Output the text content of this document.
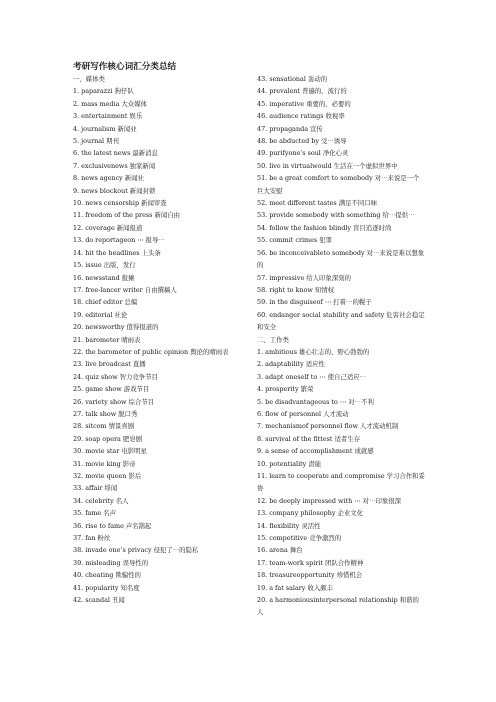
考研写作核心词汇分类总结
一、媒体类
1. paparazzi 狗仔队
2. mass media 大众媒体
3. entertainment 娱乐
4. journalism 新闻业
5. journal 期刊
6. the latest news 最新消息
7. exclusivenews 独家新闻
8. news agency 新闻社
9. news blockout 新闻封锁
10. news censorship 新闻审查
11. freedom of the press 新闻自由
12. coverage 新闻报道
13. do reportageon ⋯ 报导⋯
14. hit the headlines 上头条
15. issue 出版，发行
16. newsstand 报摊
17. free-lancer writer 自由撰稿人
18. chief editor 总编
19. editorial 社论
20. newsworthy 值得报道的
21. barometer 晴雨表
22. the barometer of public opinion 舆论的晴雨表
23. live broadcast 直播
24. quiz show 智力竞争节目
25. game show 游戏节目
26. variety show 综合节目
27. talk show 脱口秀
28. sitcom 情景喜剧
29. soap opera 肥皂剧
30. movie star 电影明星
31. movie king 影帝
32. movie queen 影后
33. affair 绯闻
34. celebrity 名人
35. fame 名声
36. rise to fame 声名鹊起
37. fan 粉丝
38. invade one’s privacy 侵犯了⋯的隐私
39. misleading 误导性的
40. cheating 欺骗性的
41. popularity 知名度
42. scandal 丑闻
43. sensational 轰动的
44. prevalent 普遍的、流行的
45. imperative 重要的、必要的
46. audience ratings 收视率
47. propaganda 宣传
48. be abducted by 受⋯诱导
49. purifyone’s soul 净化心灵
50. live in virtualwould 生活在一个虚拟世界中
51. be a great comfort to somebody 对⋯来说是一个巨大安慰
52. meet different tastes 满足不同口味
53. provide somebody with something 给⋯提供⋯
54. follow the fashion blindly 盲目追逐时尚
55. commit crimes 犯罪
56. be inconceivableto somebody 对⋯来说是难以想象的
57. impressive 给人印象深刻的
58. right to know 知情权
59. in the disguiseof ⋯ 打着⋯的幌子
60. endanger social stability and safety 危害社会稳定和安全
二、工作类
1. ambitious 雄心壮志的、野心勃勃的
2. adaptability 适应性
3. adapt oneself to ⋯ 使自己适应⋯
4. prosperity 繁荣
5. be disadvantageous to ⋯ 对⋯不利
6. flow of personnel 人才流动
7. mechanismof personnel flow 人才流动机制
8. survival of the fittest 适者生存
9. a sense of accomplishment 成就感
10. potentiality 潜能
11. learn to cooperate and compromise 学习合作和妥协
12. be deeply impressed with ⋯ 对⋯印象很深
13. company philosophy 企业文化
14. flexibility 灵活性
15. competitive 竞争激烈的
16. arena 舞台
17. team-work spirit 团队合作精神
18. treasureopportunity 珍惜机会
19. a fat salary 收入颇丰
20. a harmoniousinterpersonal relationship 和谐的人
